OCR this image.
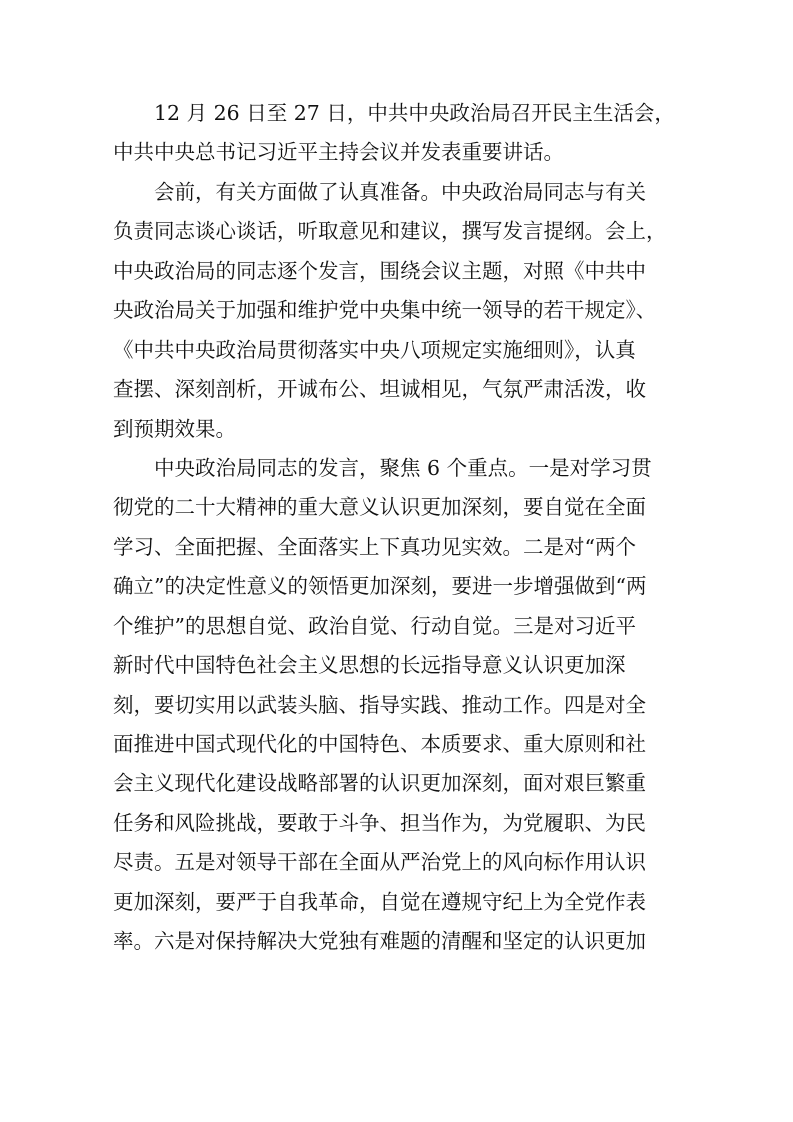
　　12 月 26 日至 27 日，中共中央政治局召开民主生活会，

中共中央总书记习近平主持会议并发表重要讲话。

　　会前，有关方面做了认真准备。中央政治局同志与有关

负责同志谈心谈话，听取意见和建议，撰写发言提纲。会上，

中央政治局的同志逐个发言，围绕会议主题，对照《中共中

央政治局关于加强和维护党中央集中统一领导的若干规定》、

《中共中央政治局贯彻落实中央八项规定实施细则》，认真

查摆、深刻剖析，开诚布公、坦诚相见，气氛严肃活泼，收

到预期效果。

　　中央政治局同志的发言，聚焦 6 个重点。一是对学习贯

彻党的二十大精神的重大意义认识更加深刻，要自觉在全面

学习、全面把握、全面落实上下真功见实效。二是对“两个

确立”的决定性意义的领悟更加深刻，要进一步增强做到“两

个维护”的思想自觉、政治自觉、行动自觉。三是对习近平

新时代中国特色社会主义思想的长远指导意义认识更加深

刻，要切实用以武装头脑、指导实践、推动工作。四是对全

面推进中国式现代化的中国特色、本质要求、重大原则和社

会主义现代化建设战略部署的认识更加深刻，面对艰巨繁重

任务和风险挑战，要敢于斗争、担当作为，为党履职、为民

尽责。五是对领导干部在全面从严治党上的风向标作用认识

更加深刻，要严于自我革命，自觉在遵规守纪上为全党作表

率。六是对保持解决大党独有难题的清醒和坚定的认识更加
